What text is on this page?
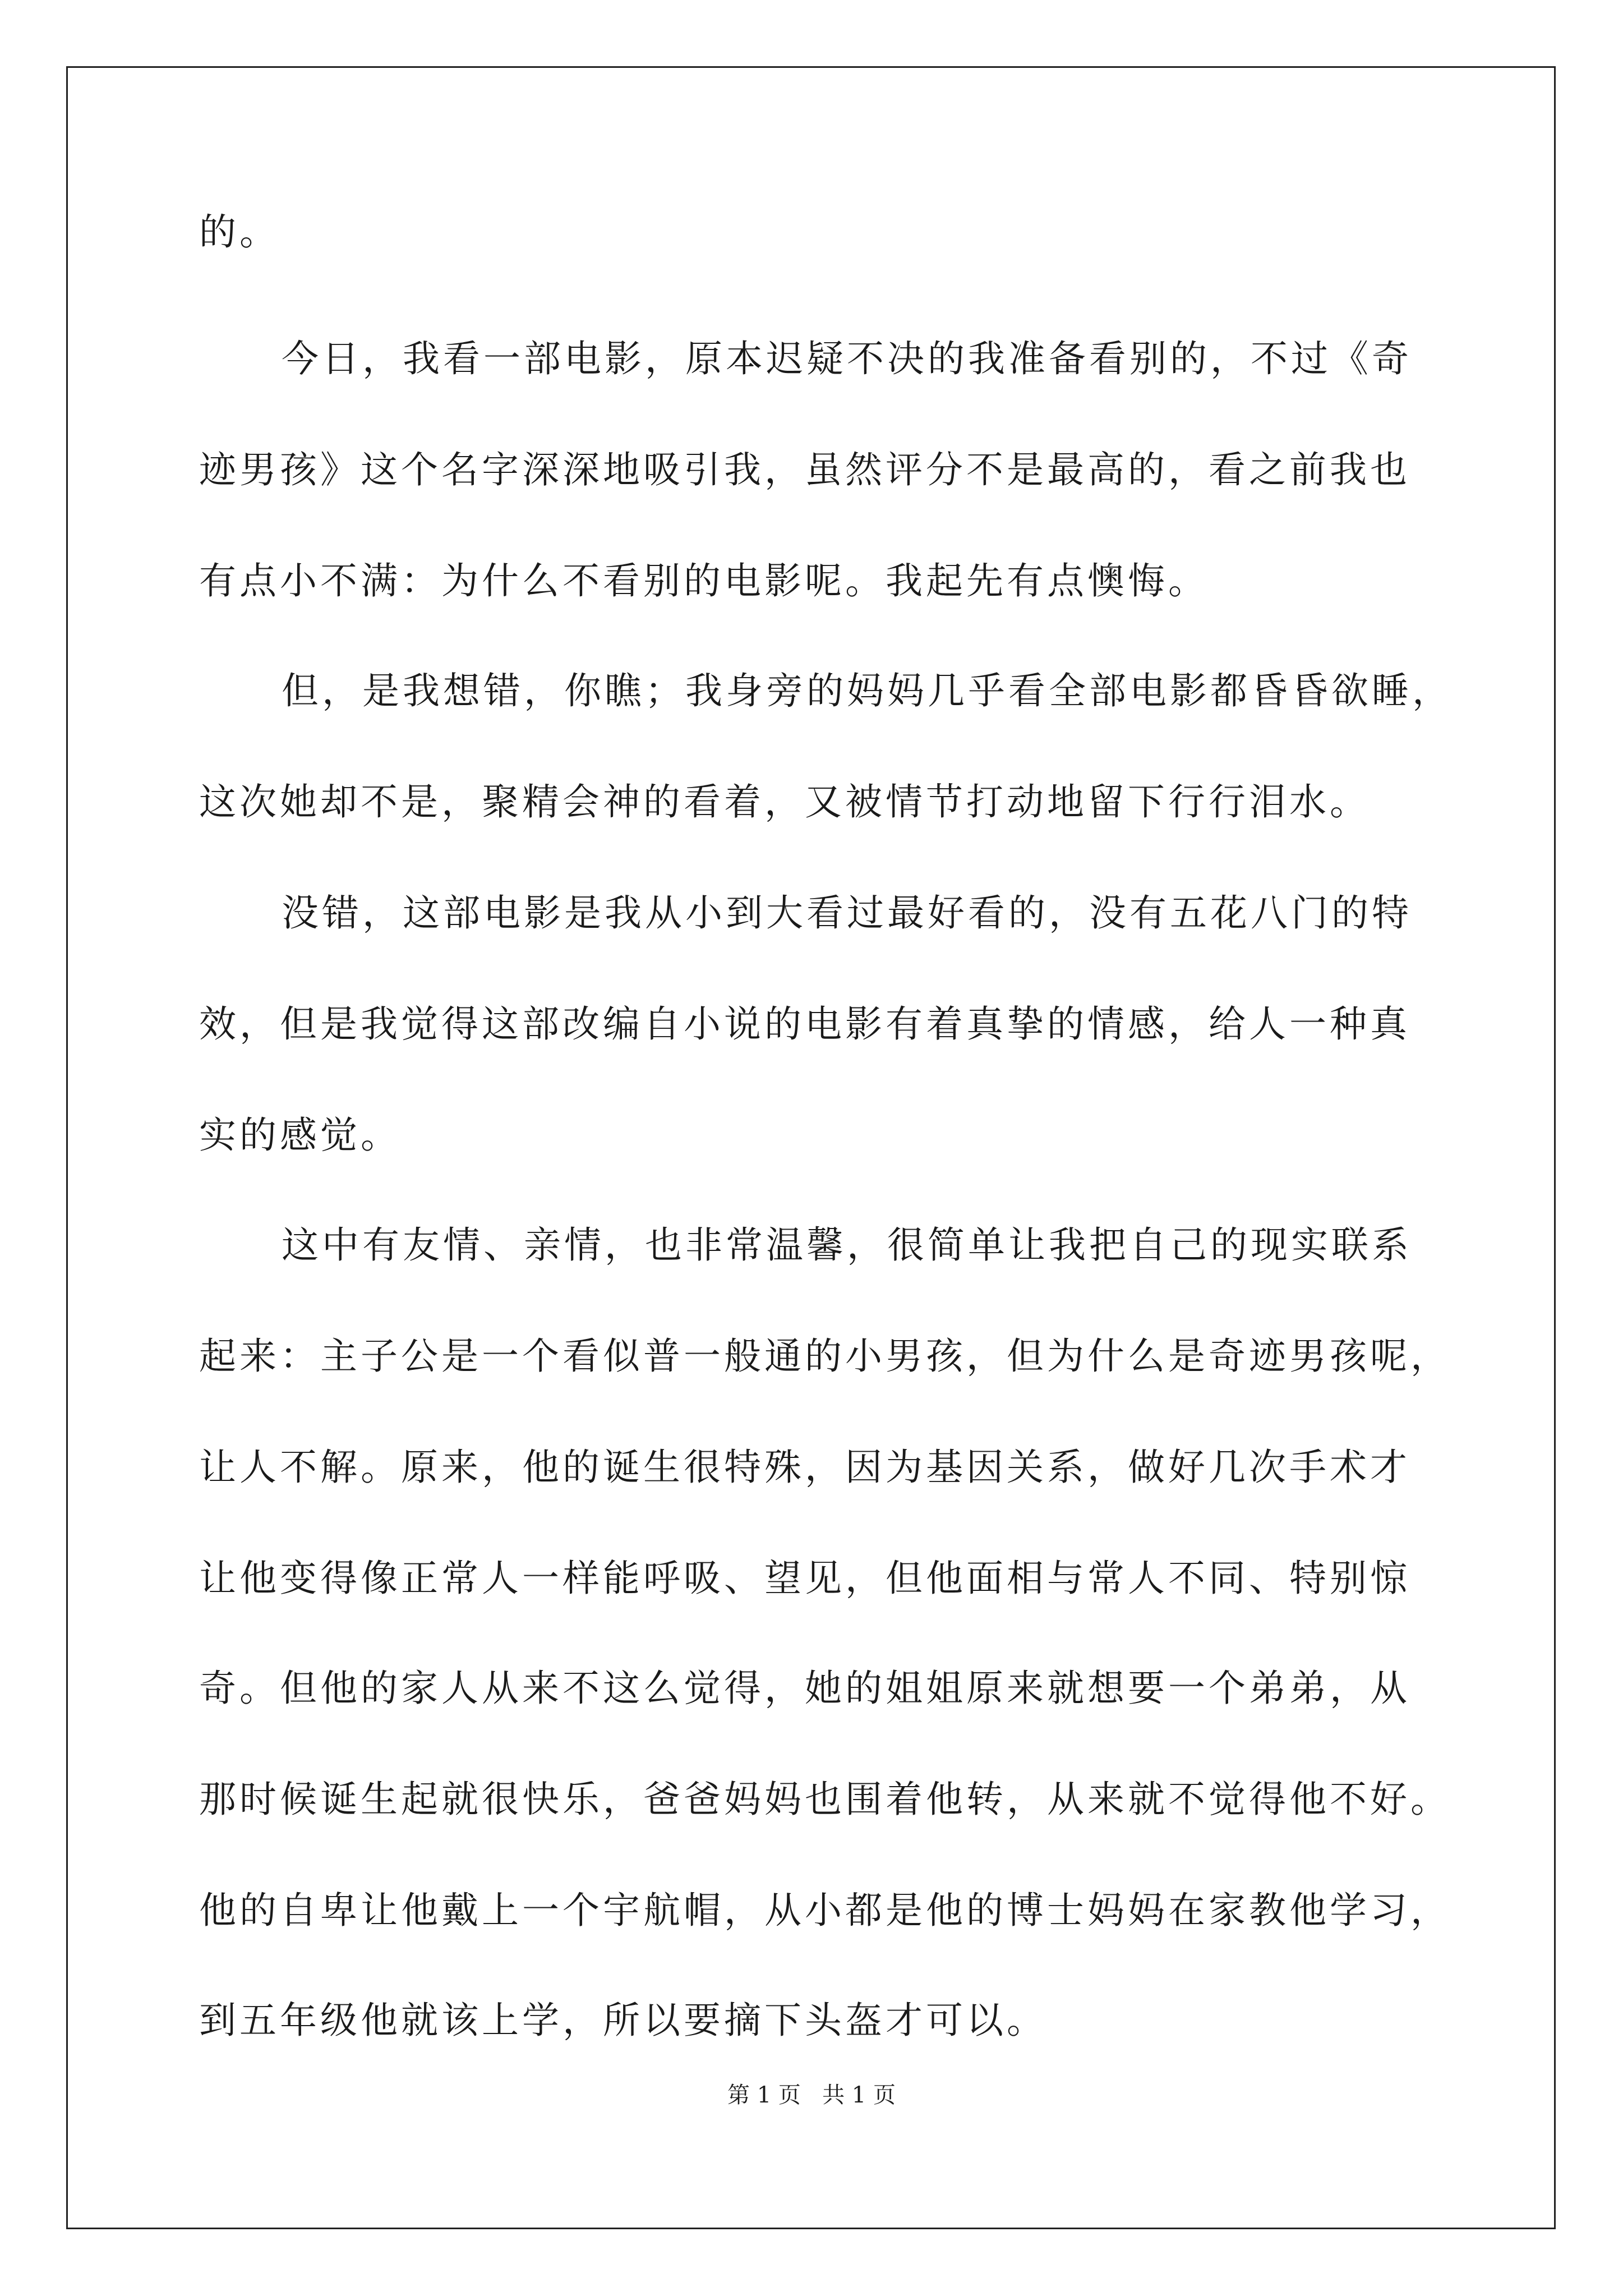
的。
今日，我看一部电影，原本迟疑不决的我准备看别的，不过《奇
迹男孩》这个名字深深地吸引我，虽然评分不是最高的，看之前我也
有点小不满：为什么不看别的电影呢。我起先有点懊悔。
但，是我想错，你瞧；我身旁的妈妈几乎看全部电影都昏昏欲睡，
这次她却不是，聚精会神的看着，又被情节打动地留下行行泪水。
没错，这部电影是我从小到大看过最好看的，没有五花八门的特
效，但是我觉得这部改编自小说的电影有着真挚的情感，给人一种真
实的感觉。
这中有友情、亲情，也非常温馨，很简单让我把自己的现实联系
起来：主子公是一个看似普一般通的小男孩，但为什么是奇迹男孩呢，
让人不解。原来，他的诞生很特殊，因为基因关系，做好几次手术才
让他变得像正常人一样能呼吸、望见，但他面相与常人不同、特别惊
奇。但他的家人从来不这么觉得，她的姐姐原来就想要一个弟弟，从
那时候诞生起就很快乐，爸爸妈妈也围着他转，从来就不觉得他不好。
他的自卑让他戴上一个宇航帽，从小都是他的博士妈妈在家教他学习，
到五年级他就该上学，所以要摘下头盔才可以。
第 1 页   共 1 页
